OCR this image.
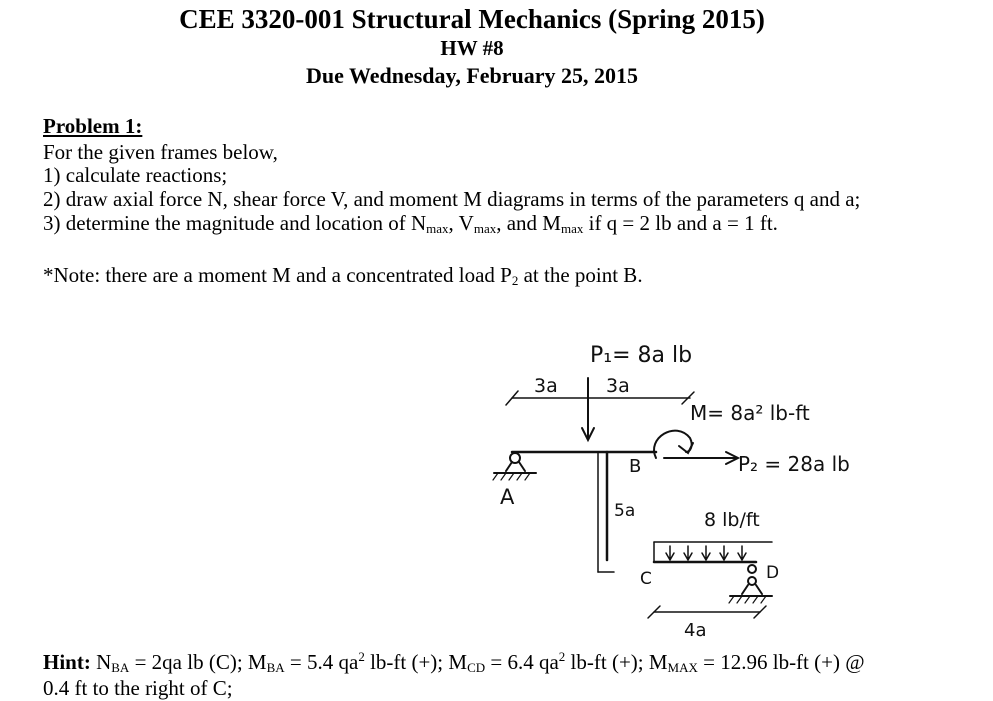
CEE 3320-001 Structural Mechanics (Spring 2015)
HW #8
Due Wednesday, February 25, 2015
Problem 1:
For the given frames below,
1) calculate reactions;
2) draw axial force N, shear force V, and moment M diagrams in terms of the parameters q and a;
3) determine the magnitude and location of $N_{max}$, $V_{max}$, and $M_{max}$ if q = 2 lb and a = 1 ft.
*Note: there are a moment M and a concentrated load $P_2$ at the point B.
P₁= 8a lb
3a	3a
M= 8a² lb-ft
P₂ = 28a lb
8 lb/ft
5a
4a
A
B
C	D
Hint: $N_{BA} = 2qa$ lb (C); $M_{BA} = 5.4$ $qa^2$ lb-ft (+); $M_{CD} = 6.4$ $qa^2$ lb-ft (+); $M_{MAX} = 12.96$ lb-ft (+) @
0.4 ft to the right of C;
